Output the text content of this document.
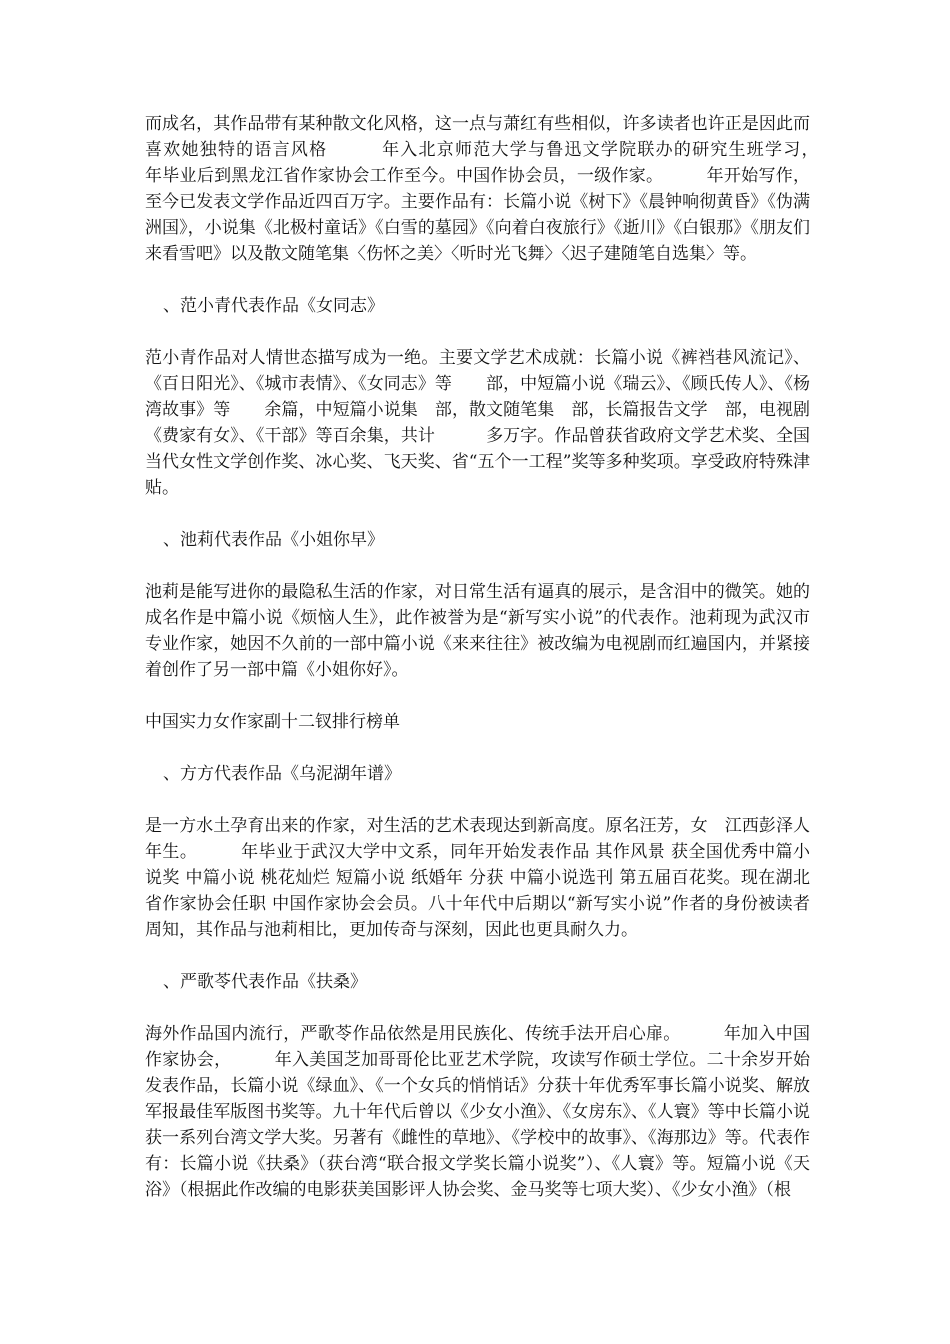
而成名，其作品带有某种散文化风格，这一点与萧红有些相似，许多读者也许正是因此而喜欢她独特的语言风格　　　年入北京师范大学与鲁迅文学院联办的研究生班学习，　　　年毕业后到黑龙江省作家协会工作至今。中国作协会员，一级作家。　　　年开始写作，至今已发表文学作品近四百万字。主要作品有：长篇小说《树下》《晨钟响彻黄昏》《伪满洲国》，小说集《北极村童话》《白雪的墓园》《向着白夜旅行》《逝川》《白银那》《朋友们来看雪吧》以及散文随笔集〈伤怀之美〉〈听时光飞舞〉〈迟子建随笔自选集〉等。

、范小青代表作品《女同志》

范小青作品对人情世态描写成为一绝。主要文学艺术成就：长篇小说《裤裆巷风流记》、《百日阳光》、《城市表情》、《女同志》等　　部，中短篇小说《瑞云》、《顾氏传人》、《杨湾故事》等　　余篇，中短篇小说集　部，散文随笔集　部，长篇报告文学　部，电视剧《费家有女》、《干部》等百余集，共计　　　多万字。作品曾获省政府文学艺术奖、全国当代女性文学创作奖、冰心奖、飞天奖、省“五个一工程”奖等多种奖项。享受政府特殊津贴。

、池莉代表作品《小姐你早》

池莉是能写进你的最隐私生活的作家，对日常生活有逼真的展示，是含泪中的微笑。她的成名作是中篇小说《烦恼人生》，此作被誉为是“新写实小说”的代表作。池莉现为武汉市专业作家，她因不久前的一部中篇小说《来来往往》被改编为电视剧而红遍国内，并紧接着创作了另一部中篇《小姐你好》。

中国实力女作家副十二钗排行榜单

、方方代表作品《乌泥湖年谱》

是一方水土孕育出来的作家，对生活的艺术表现达到新高度。原名汪芳，女　江西彭泽人　　　年生。　　　年毕业于武汉大学中文系，同年开始发表作品 其作风景 获全国优秀中篇小说奖 中篇小说 桃花灿烂 短篇小说 纸婚年 分获 中篇小说选刊 第五届百花奖。现在湖北省作家协会任职 中国作家协会会员。八十年代中后期以“新写实小说”作者的身份被读者周知，其作品与池莉相比，更加传奇与深刻，因此也更具耐久力。

、严歌苓代表作品《扶桑》

海外作品国内流行，严歌苓作品依然是用民族化、传统手法开启心扉。　　　年加入中国作家协会，　　　年入美国芝加哥哥伦比亚艺术学院，攻读写作硕士学位。二十余岁开始发表作品，长篇小说《绿血》、《一个女兵的悄悄话》分获十年优秀军事长篇小说奖、解放军报最佳军版图书奖等。九十年代后曾以《少女小渔》、《女房东》、《人寰》等中长篇小说获一系列台湾文学大奖。另著有《雌性的草地》、《学校中的故事》、《海那边》等。代表作有：长篇小说《扶桑》（获台湾“联合报文学奖长篇小说奖”）、《人寰》等。短篇小说《天浴》（根据此作改编的电影获美国影评人协会奖、金马奖等七项大奖）、《少女小渔》（根
